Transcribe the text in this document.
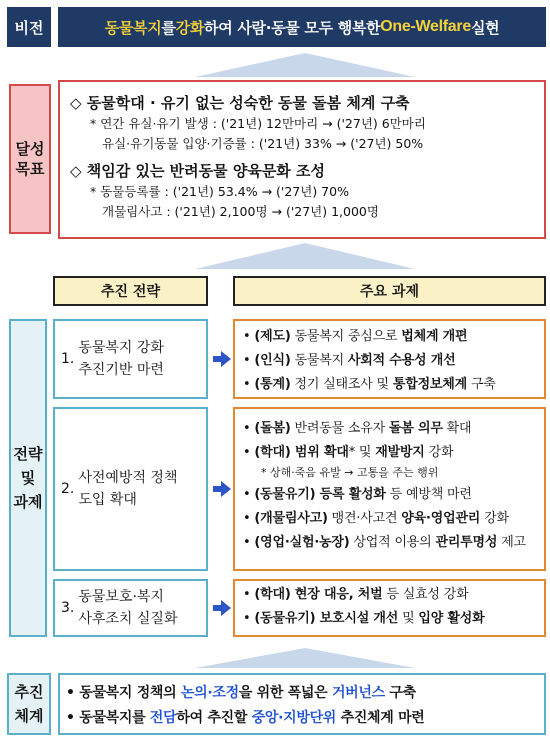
비전	동물복지 를 강화 하여 사람·동물 모두 행복한 One-Welfare 실현
달성
목표
◇ 동물학대 · 유기 없는 성숙한 동물 돌봄 체계 구축
* 연간 유실·유기 발생 : ('21년) 12만마리 → ('27년) 6만마리
유실·유기동물 입양·기증률 : ('21년) 33% → ('27년) 50%
◇ 책임감 있는 반려동물 양육문화 조성
* 동물등록률 : ('21년) 53.4% → ('27년) 70%
개물림사고 : ('21년) 2,100명 → ('27년) 1,000명
추진 전략	주요 과제
전략
및
과제
1.
동물복지 강화
추진기반 마련
2.
사전예방적 정책
도입 확대
3.
동물보호·복지
사후조치 실질화
• (제도) 동물복지 중심으로 법체계 개편
• (인식) 동물복지 사회적 수용성 개선
• (통계) 정기 실태조사 및 통합정보체계 구축
• (돌봄) 반려동물 소유자 돌봄 의무 확대
• (학대) 범위 확대* 및 재발방지 강화
* 상해·죽음 유발 → 고통을 주는 행위
• (동물유기) 등록 활성화 등 예방책 마련
• (개물림사고) 맹견·사고견 양육·영업관리 강화
• (영업·실험·농장) 상업적 이용의 관리투명성 제고
• (학대) 현장 대응, 처벌 등 실효성 강화
• (동물유기) 보호시설 개선 및 입양 활성화
추진
체계
• 동물복지 정책의 논의·조정을 위한 폭넓은 거버넌스 구축
• 동물복지를 전담하여 추진할 중앙·지방단위 추진체계 마련
